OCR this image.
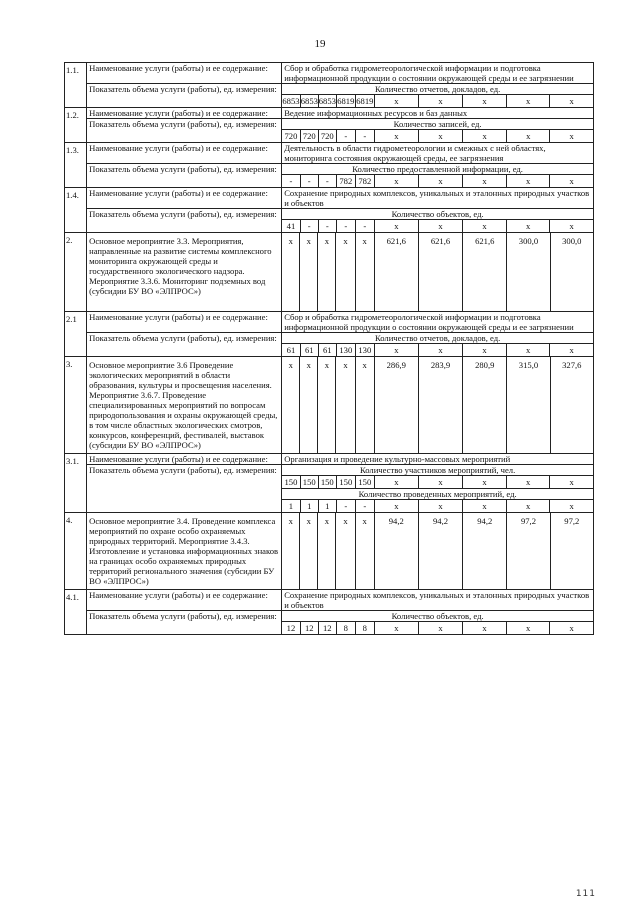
19
1.1.	Наименование услуги (работы) и ее содержание:	Сбор и обработка гидрометеорологической информации и подготовка информационной продукции о состоянии окружающей среды и ее загрязнении
Показатель объема услуги (работы), ед. измерения:		Количество отчетов, докладов, ед.
6853	6853	6853	6819	6819	х	х	х	х	х

1.2.	Наименование услуги (работы) и ее содержание:	Ведение информационных ресурсов и баз данных
Показатель объема услуги (работы), ед. измерения:		Количество записей, ед.
720	720	720	-	-	х	х	х	х	х

1.3.	Наименование услуги (работы) и ее содержание:	Деятельность в области гидрометеорологии и смежных с ней областях, мониторинга состояния окружающей среды, ее загрязнения
Показатель объема услуги (работы), ед. измерения:		Количество предоставленной информации, ед.
-	-	-	782	782	х	х	х	х	х

1.4.	Наименование услуги (работы) и ее содержание:	Сохранение природных комплексов, уникальных и эталонных природных участков и объектов
Показатель объема услуги (работы), ед. измерения:		Количество объектов, ед.
41	-	-	-	-	х	х	х	х	х

2.	Основное мероприятие 3.3. Мероприятия, направленные на развитие системы комплексного мониторинга окружающей среды и государственного экологического надзора. Мероприятие 3.3.6. Мониторинг подземных вод (субсидии БУ ВО «ЭЛПРОС»)	х	х	х	х	х	621,6	621,6	621,6	300,0	300,0
2.1	Наименование услуги (работы) и ее содержание:	Сбор и обработка гидрометеорологической информации и подготовка информационной продукции о состоянии окружающей среды и ее загрязнении
Показатель объема услуги (работы), ед. измерения:		Количество отчетов, докладов, ед.
61	61	61	130	130	х	х	х	х	х

3.	Основное мероприятие 3.6 Проведение экологических мероприятий в области образования, культуры и просвещения населения. Мероприятие 3.6.7. Проведение специализированных мероприятий по вопросам природопользования и охраны окружающей среды, в том числе областных экологических смотров, конкурсов, конференций, фестивалей, выставок (субсидии БУ ВО «ЭЛПРОС»)	х	х	х	х	х	286,9	283,9	280,9	315,0	327,6
3.1.	Наименование услуги (работы) и ее содержание:	Организация и проведение культурно-массовых мероприятий
Показатель объема услуги (работы), ед. измерения:		Количество участников мероприятий, чел.
150	150	150	150	150	х	х	х	х	х
Количество проведенных мероприятий, ед.
1	1	1	-	-	х	х	х	х	х

4.	Основное мероприятие 3.4. Проведение комплекса мероприятий по охране особо охраняемых природных территорий. Мероприятие 3.4.3. Изготовление и установка информационных знаков на границах особо охраняемых природных территорий регионального значения (субсидии БУ ВО «ЭЛПРОС»)	х	х	х	х	х	94,2	94,2	94,2	97,2	97,2
4.1.	Наименование услуги (работы) и ее содержание:	Сохранение природных комплексов, уникальных и эталонных природных участков и объектов
Показатель объема услуги (работы), ед. измерения:		Количество объектов, ед.
12	12	12	8	8	х	х	х	х	х
111
